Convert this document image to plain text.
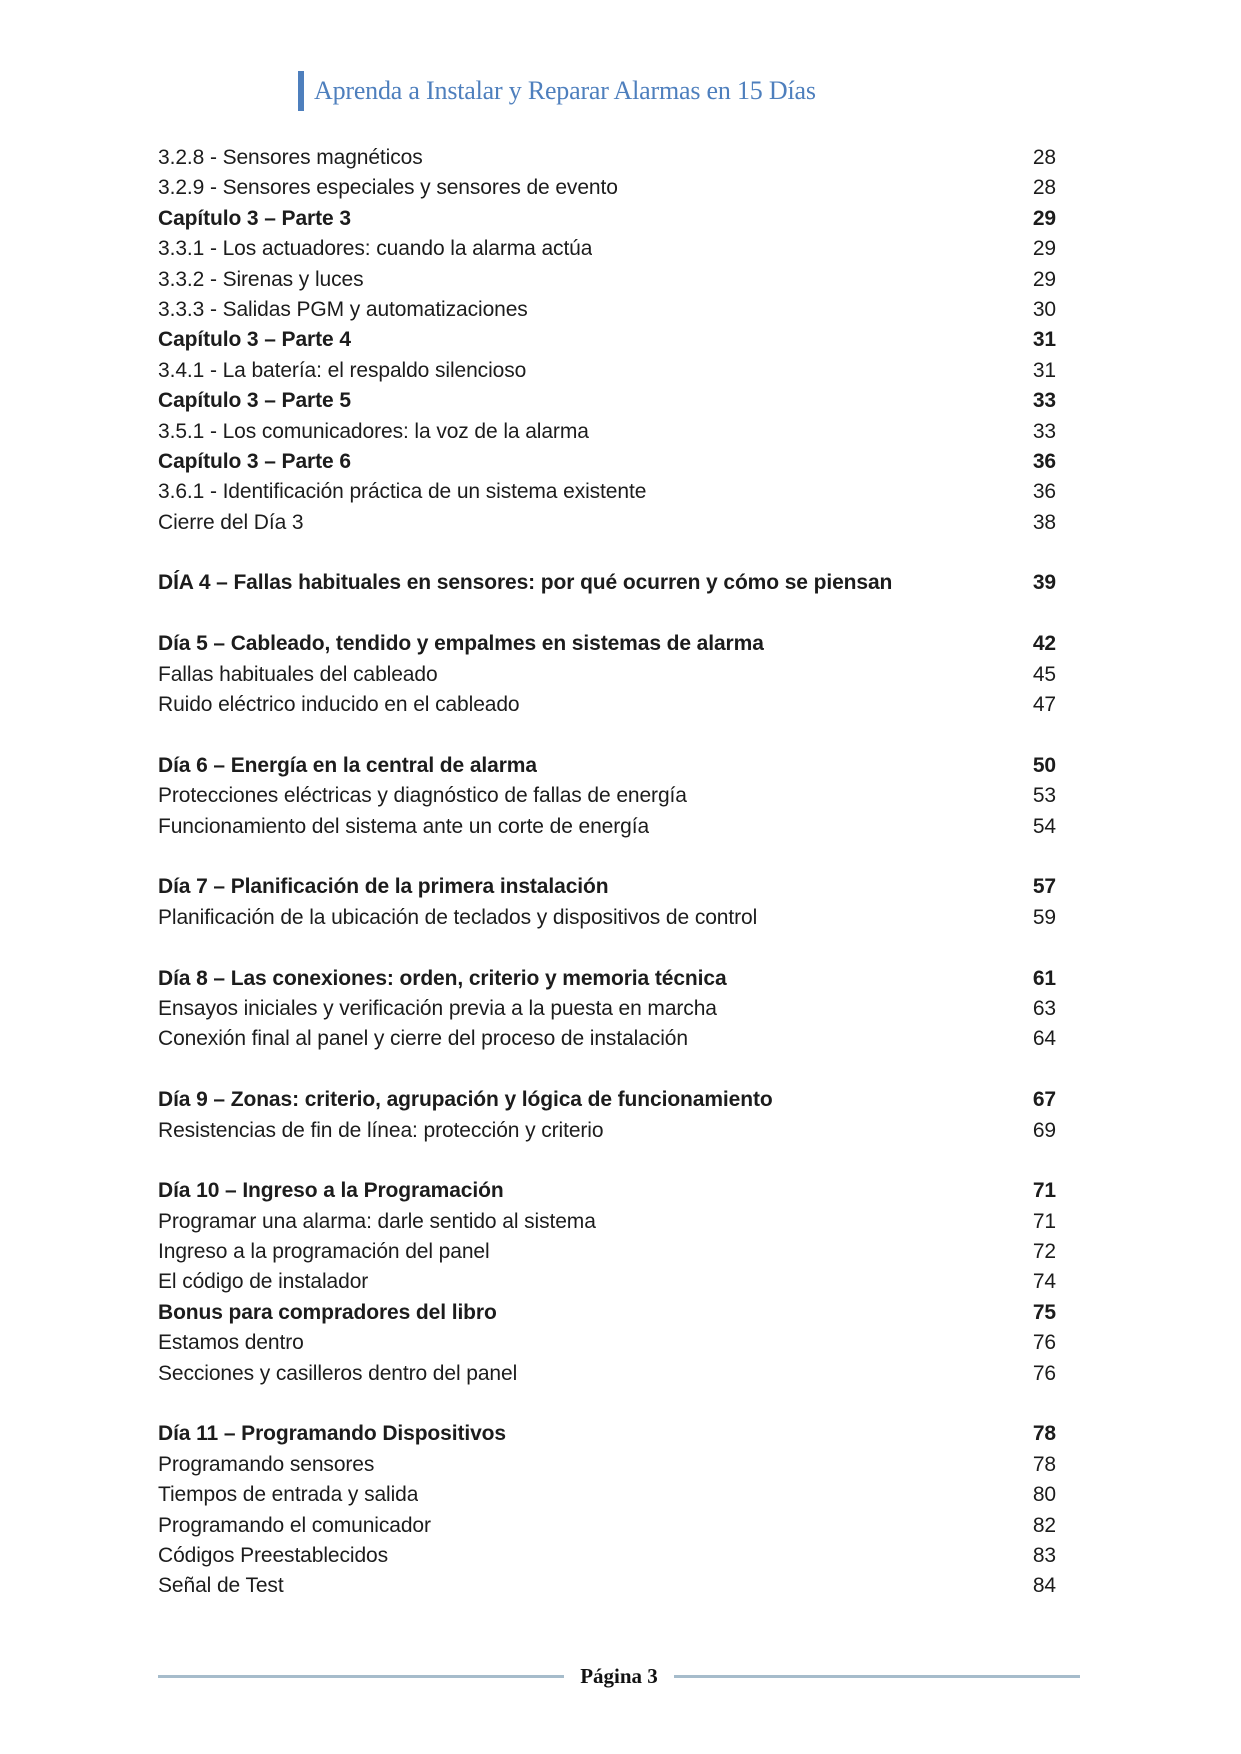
Aprenda a Instalar y Reparar Alarmas en 15 Días
3.2.8 - Sensores magnéticos	28
3.2.9 - Sensores especiales y sensores de evento	28
Capítulo 3 – Parte 3	29
3.3.1 - Los actuadores: cuando la alarma actúa	29
3.3.2 - Sirenas y luces	29
3.3.3 - Salidas PGM y automatizaciones	30
Capítulo 3 – Parte 4	31
3.4.1 - La batería: el respaldo silencioso	31
Capítulo 3 – Parte 5	33
3.5.1 - Los comunicadores: la voz de la alarma	33
Capítulo 3 – Parte 6	36
3.6.1 - Identificación práctica de un sistema existente	36
Cierre del Día 3	38
DÍA 4 – Fallas habituales en sensores: por qué ocurren y cómo se piensan	39
Día 5 – Cableado, tendido y empalmes en sistemas de alarma	42
Fallas habituales del cableado	45
Ruido eléctrico inducido en el cableado	47
Día 6 – Energía en la central de alarma	50
Protecciones eléctricas y diagnóstico de fallas de energía	53
Funcionamiento del sistema ante un corte de energía	54
Día 7 – Planificación de la primera instalación	57
Planificación de la ubicación de teclados y dispositivos de control	59
Día 8 – Las conexiones: orden, criterio y memoria técnica	61
Ensayos iniciales y verificación previa a la puesta en marcha	63
Conexión final al panel y cierre del proceso de instalación	64
Día 9 – Zonas: criterio, agrupación y lógica de funcionamiento	67
Resistencias de fin de línea: protección y criterio	69
Día 10 – Ingreso a la Programación	71
Programar una alarma: darle sentido al sistema	71
Ingreso a la programación del panel	72
El código de instalador	74
Bonus para compradores del libro	75
Estamos dentro	76
Secciones y casilleros dentro del panel	76
Día 11 – Programando Dispositivos	78
Programando sensores	78
Tiempos de entrada y salida	80
Programando el comunicador	82
Códigos Preestablecidos	83
Señal de Test	84
Página 3
